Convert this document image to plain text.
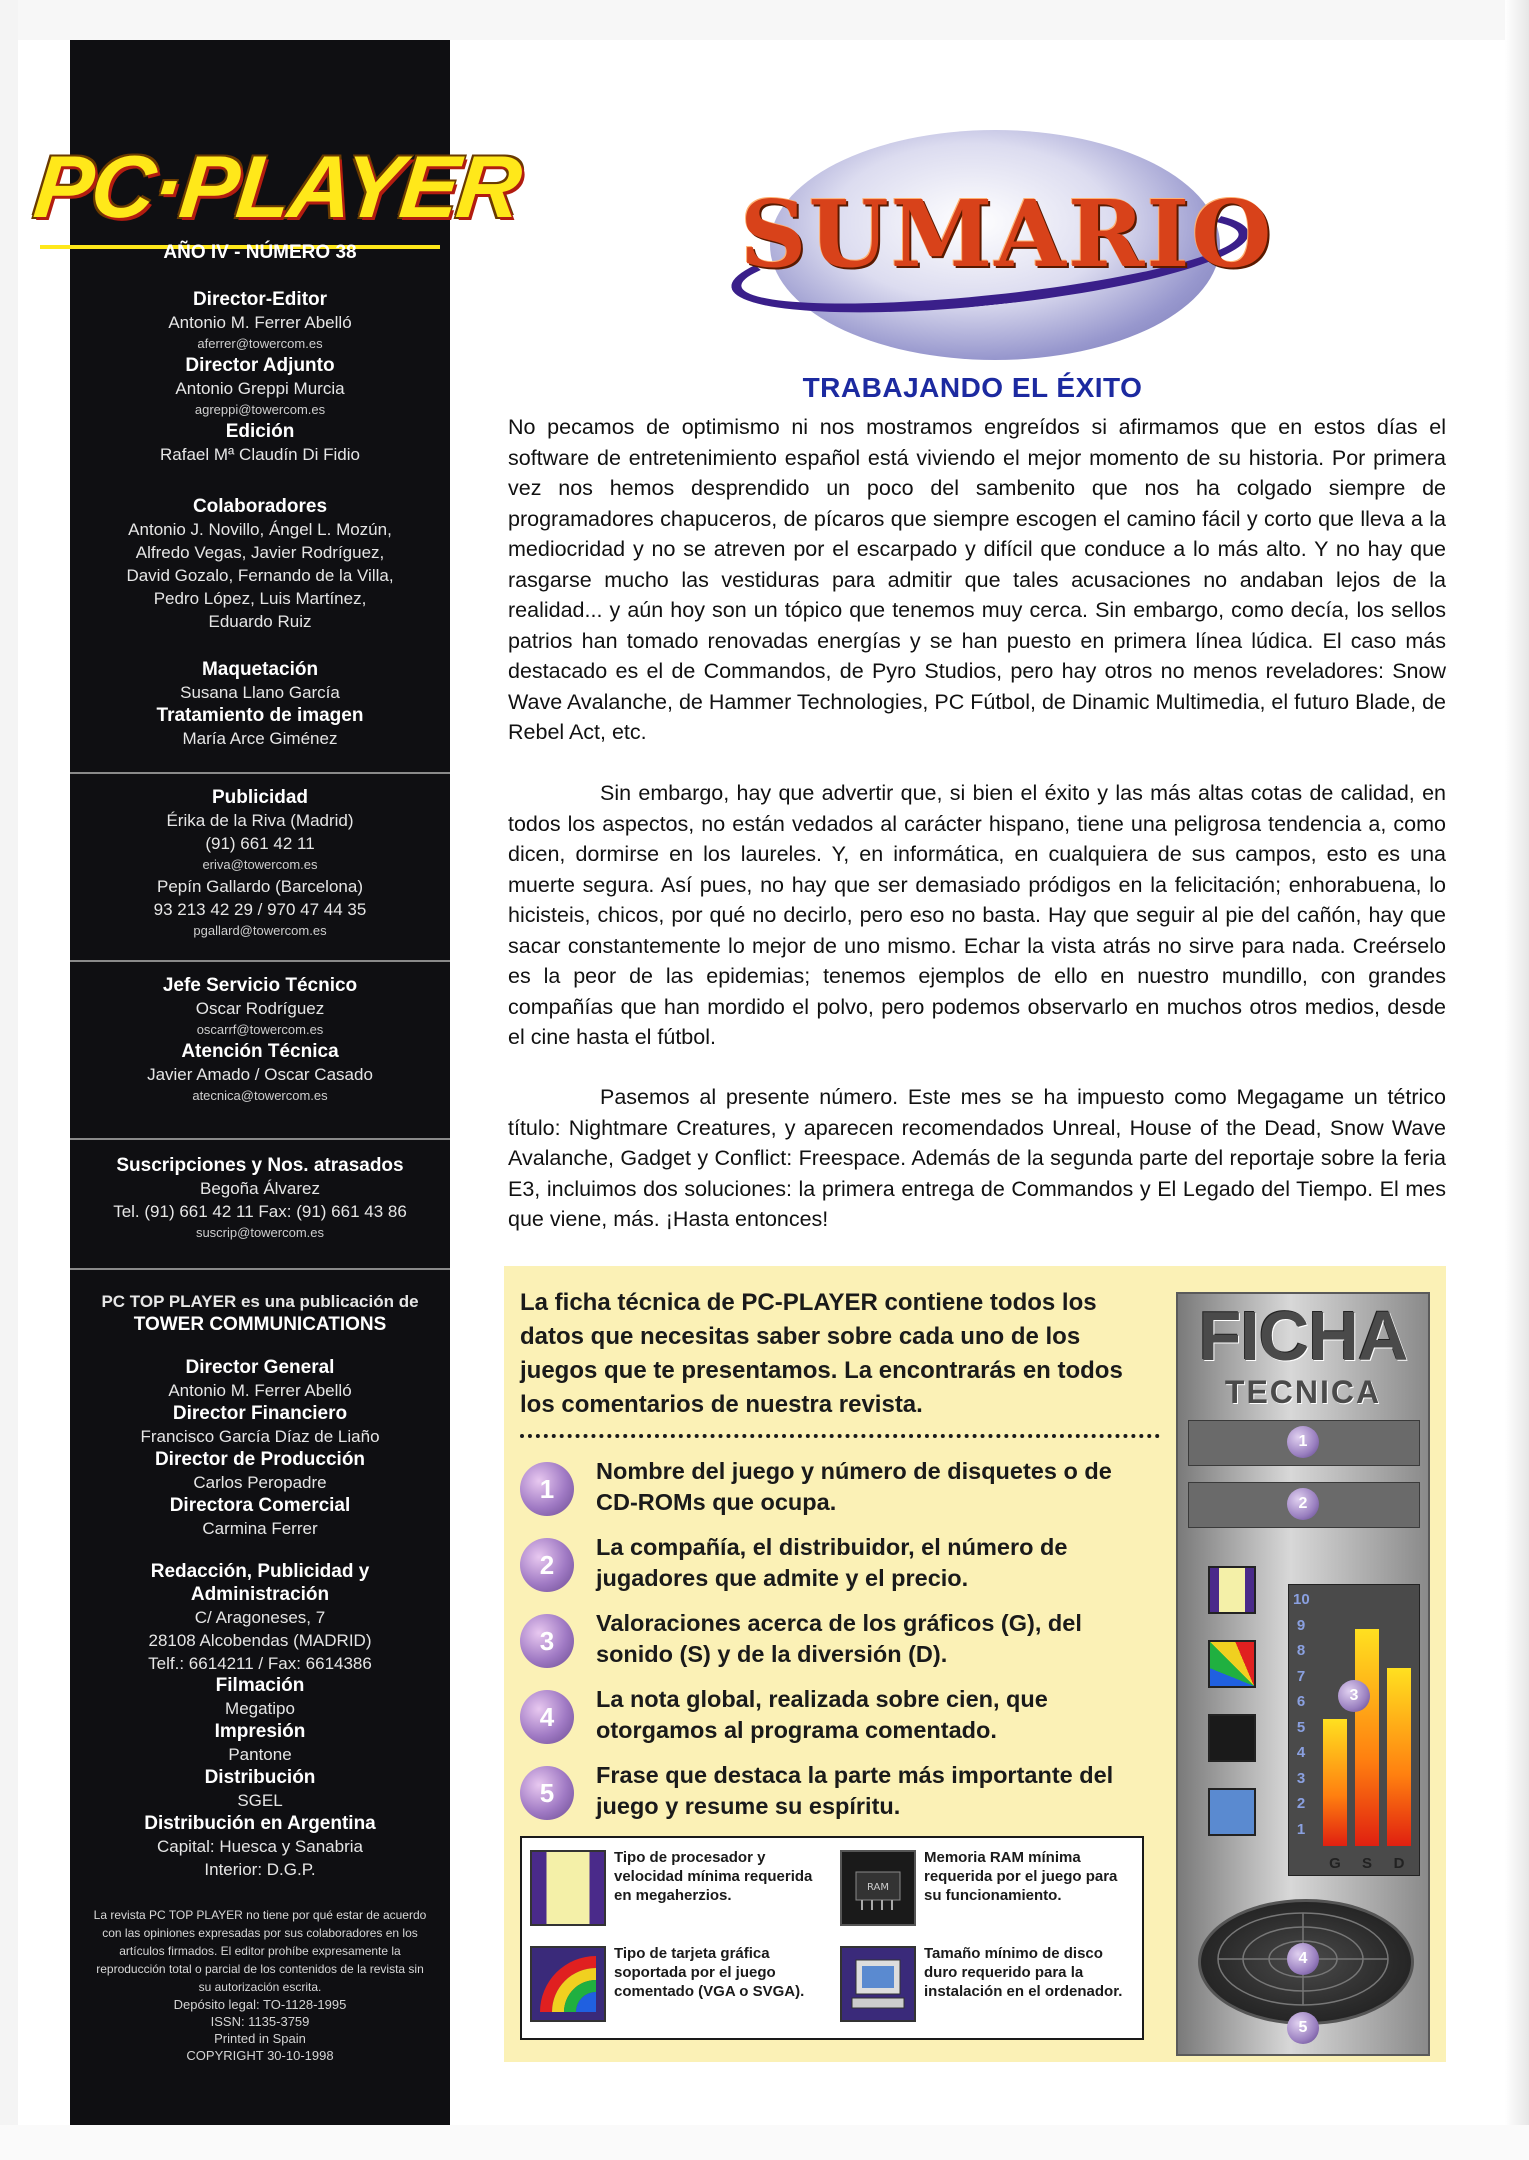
PC·PLAYER
AÑO IV - NÚMERO 38
Director-Editor
Antonio M. Ferrer Abelló
aferrer@towercom.es
Director Adjunto
Antonio Greppi Murcia
agreppi@towercom.es
Edición
Rafael Mª Claudín Di Fidio
Colaboradores
Antonio J. Novillo, Ángel L. Mozún,
Alfredo Vegas, Javier Rodríguez,
David Gozalo, Fernando de la Villa,
Pedro López, Luis Martínez,
Eduardo Ruiz
Maquetación
Susana Llano García
Tratamiento de imagen
María Arce Giménez
Publicidad
Érika de la Riva (Madrid)
(91) 661 42 11
eriva@towercom.es
Pepín Gallardo (Barcelona)
93 213 42 29 / 970 47 44 35
pgallard@towercom.es
Jefe Servicio Técnico
Oscar Rodríguez
oscarrf@towercom.es
Atención Técnica
Javier Amado / Oscar Casado
atecnica@towercom.es
Suscripciones y Nos. atrasados
Begoña Álvarez
Tel. (91) 661 42 11 Fax: (91) 661 43 86
suscrip@towercom.es
PC TOP PLAYER es una publicación de
TOWER COMMUNICATIONS
Director General
Antonio M. Ferrer Abelló
Director Financiero
Francisco García Díaz de Liaño
Director de Producción
Carlos Peropadre
Directora Comercial
Carmina Ferrer
Redacción, Publicidad y Administración
C/ Aragoneses, 7
28108 Alcobendas (MADRID)
Telf.: 6614211 / Fax: 6614386
Filmación
Megatipo
Impresión
Pantone
Distribución
SGEL
Distribución en Argentina
Capital: Huesca y Sanabria
Interior: D.G.P.
La revista PC TOP PLAYER no tiene por qué estar de acuerdo con las opiniones expresadas por sus colaboradores en los artículos firmados. El editor prohíbe expresamente la reproducción total o parcial de los contenidos de la revista sin su autorización escrita.
Depósito legal: TO-1128-1995
ISSN: 1135-3759
Printed in Spain
COPYRIGHT 30-10-1998
SUMARIO
TRABAJANDO EL ÉXITO

No pecamos de optimismo ni nos mostramos engreídos si afirmamos que en estos días el software de entretenimiento español está viviendo el mejor momento de su historia. Por primera vez nos hemos desprendido un poco del sambenito que nos ha colgado siempre de programadores chapuceros, de pícaros que siempre escogen el camino fácil y corto que lleva a la mediocridad y no se atreven por el escarpado y difícil que conduce a lo más alto. Y no hay que rasgarse mucho las vestiduras para admitir que tales acusaciones no andaban lejos de la realidad... y aún hoy son un tópico que tenemos muy cerca. Sin embargo, como decía, los sellos patrios han tomado renovadas energías y se han puesto en primera línea lúdica. El caso más destacado es el de Commandos, de Pyro Studios, pero hay otros no menos reveladores: Snow Wave Avalanche, de Hammer Technologies, PC Fútbol, de Dinamic Multimedia, el futuro Blade, de Rebel Act, etc.

Sin embargo, hay que advertir que, si bien el éxito y las más altas cotas de calidad, en todos los aspectos, no están vedados al carácter hispano, tiene una peligrosa tendencia a, como dicen, dormirse en los laureles. Y, en informática, en cualquiera de sus campos, esto es una muerte segura. Así pues, no hay que ser demasiado pródigos en la felicitación; enhorabuena, lo hicisteis, chicos, por qué no decirlo, pero eso no basta. Hay que seguir al pie del cañón, hay que sacar constantemente lo mejor de uno mismo. Echar la vista atrás no sirve para nada. Creérselo es la peor de las epidemias; tenemos ejemplos de ello en nuestro mundillo, con grandes compañías que han mordido el polvo, pero podemos observarlo en muchos otros medios, desde el cine hasta el fútbol.

Pasemos al presente número. Este mes se ha impuesto como Megagame un tétrico título: Nightmare Creatures, y aparecen recomendados Unreal, House of the Dead, Snow Wave Avalanche, Gadget y Conflict: Freespace. Además de la segunda parte del reportaje sobre la feria E3, incluimos dos soluciones: la primera entrega de Commandos y El Legado del Tiempo. El mes que viene, más. ¡Hasta entonces!

La ficha técnica de PC-PLAYER contiene todos los datos que necesitas saber sobre cada uno de los juegos que te presentamos. La encontrarás en todos los comentarios de nuestra revista.
1
Nombre del juego y número de disquetes o de CD-ROMs que ocupa.
2
La compañía, el distribuidor, el número de jugadores que admite y el precio.
3
Valoraciones acerca de los gráficos (G), del sonido (S) y de la diversión (D).
4
La nota global, realizada sobre cien, que otorgamos al programa comentado.
5
Frase que destaca la parte más importante del juego y resume su espíritu.
Tipo de procesador y velocidad mínima requerida en megaherzios.	RAM
Memoria RAM mínima requerida por el juego para su funcionamiento.
Tipo de tarjeta gráfica soportada por el juego comentado (VGA o SVGA).
Tamaño mínimo de disco duro requerido para la instalación en el ordenador.
FICHA
TECNICA
1
2
10
9
8
7
6
5
4
3
2
1
G	S	D
3
4
5
